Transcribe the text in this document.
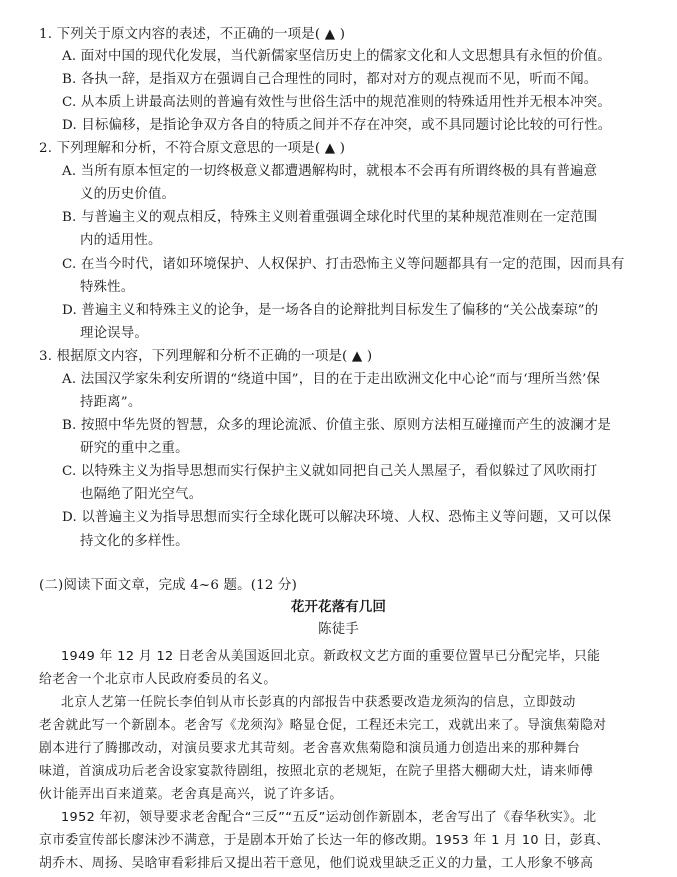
1. 下列关于原文内容的表述，不正确的一项是( ▲ )
A. 面对中国的现代化发展，当代新儒家坚信历史上的儒家文化和人文思想具有永恒的价值。
B. 各执一辞，是指双方在强调自己合理性的同时，都对对方的观点视而不见，听而不闻。
C. 从本质上讲最高法则的普遍有效性与世俗生活中的规范准则的特殊适用性并无根本冲突。
D. 目标偏移，是指论争双方各自的特质之间并不存在冲突，或不具同题讨论比较的可行性。
2. 下列理解和分析，不符合原文意思的一项是( ▲ )
A. 当所有原本恒定的一切终极意义都遭遇解构时，就根本不会再有所谓终极的具有普遍意
义的历史价值。
B. 与普遍主义的观点相反，特殊主义则着重强调全球化时代里的某种规范准则在一定范围
内的适用性。
C. 在当今时代，诸如环境保护、人权保护、打击恐怖主义等问题都具有一定的范围，因而具有
特殊性。
D. 普遍主义和特殊主义的论争，是一场各自的论辩批判目标发生了偏移的“关公战秦琼”的
理论误导。
3. 根据原文内容，下列理解和分析不正确的一项是( ▲ )
A. 法国汉学家朱利安所谓的“绕道中国”，目的在于走出欧洲文化中心论“而与‘理所当然’保
持距离”。
B. 按照中华先贤的智慧，众多的理论流派、价值主张、原则方法相互碰撞而产生的波澜才是
研究的重中之重。
C. 以特殊主义为指导思想而实行保护主义就如同把自己关人黑屋子，看似躲过了风吹雨打
也隔绝了阳光空气。
D. 以普遍主义为指导思想而实行全球化既可以解决环境、人权、恐怖主义等问题，又可以保
持文化的多样性。
(二)阅读下面文章，完成 4~6 题。(12 分)
花开花落有几回
陈徒手
1949 年 12 月 12 日老舍从美国返回北京。新政权文艺方面的重要位置早已分配完毕，只能
给老舍一个北京市人民政府委员的名义。
北京人艺第一任院长李伯钊从市长彭真的内部报告中获悉要改造龙须沟的信息，立即鼓动
老舍就此写一个新剧本。老舍写《龙须沟》略显仓促，工程还未完工，戏就出来了。导演焦菊隐对
剧本进行了腾挪改动，对演员要求尤其苛刻。老舍喜欢焦菊隐和演员通力创造出来的那种舞台
味道，首演成功后老舍设家宴款待剧组，按照北京的老规矩，在院子里搭大棚砌大灶，请来师傅
伙计能弄出百来道菜。老舍真是高兴，说了许多话。
1952 年初，领导要求老舍配合“三反”“五反”运动创作新剧本，老舍写出了《春华秋实》。北
京市委宣传部长廖沫沙不满意，于是剧本开始了长达一年的修改期。1953 年 1 月 10 日，彭真、
胡乔木、周扬、吴晗审看彩排后又提出若干意见，他们说戏里缺乏正义的力量，工人形象不够高
